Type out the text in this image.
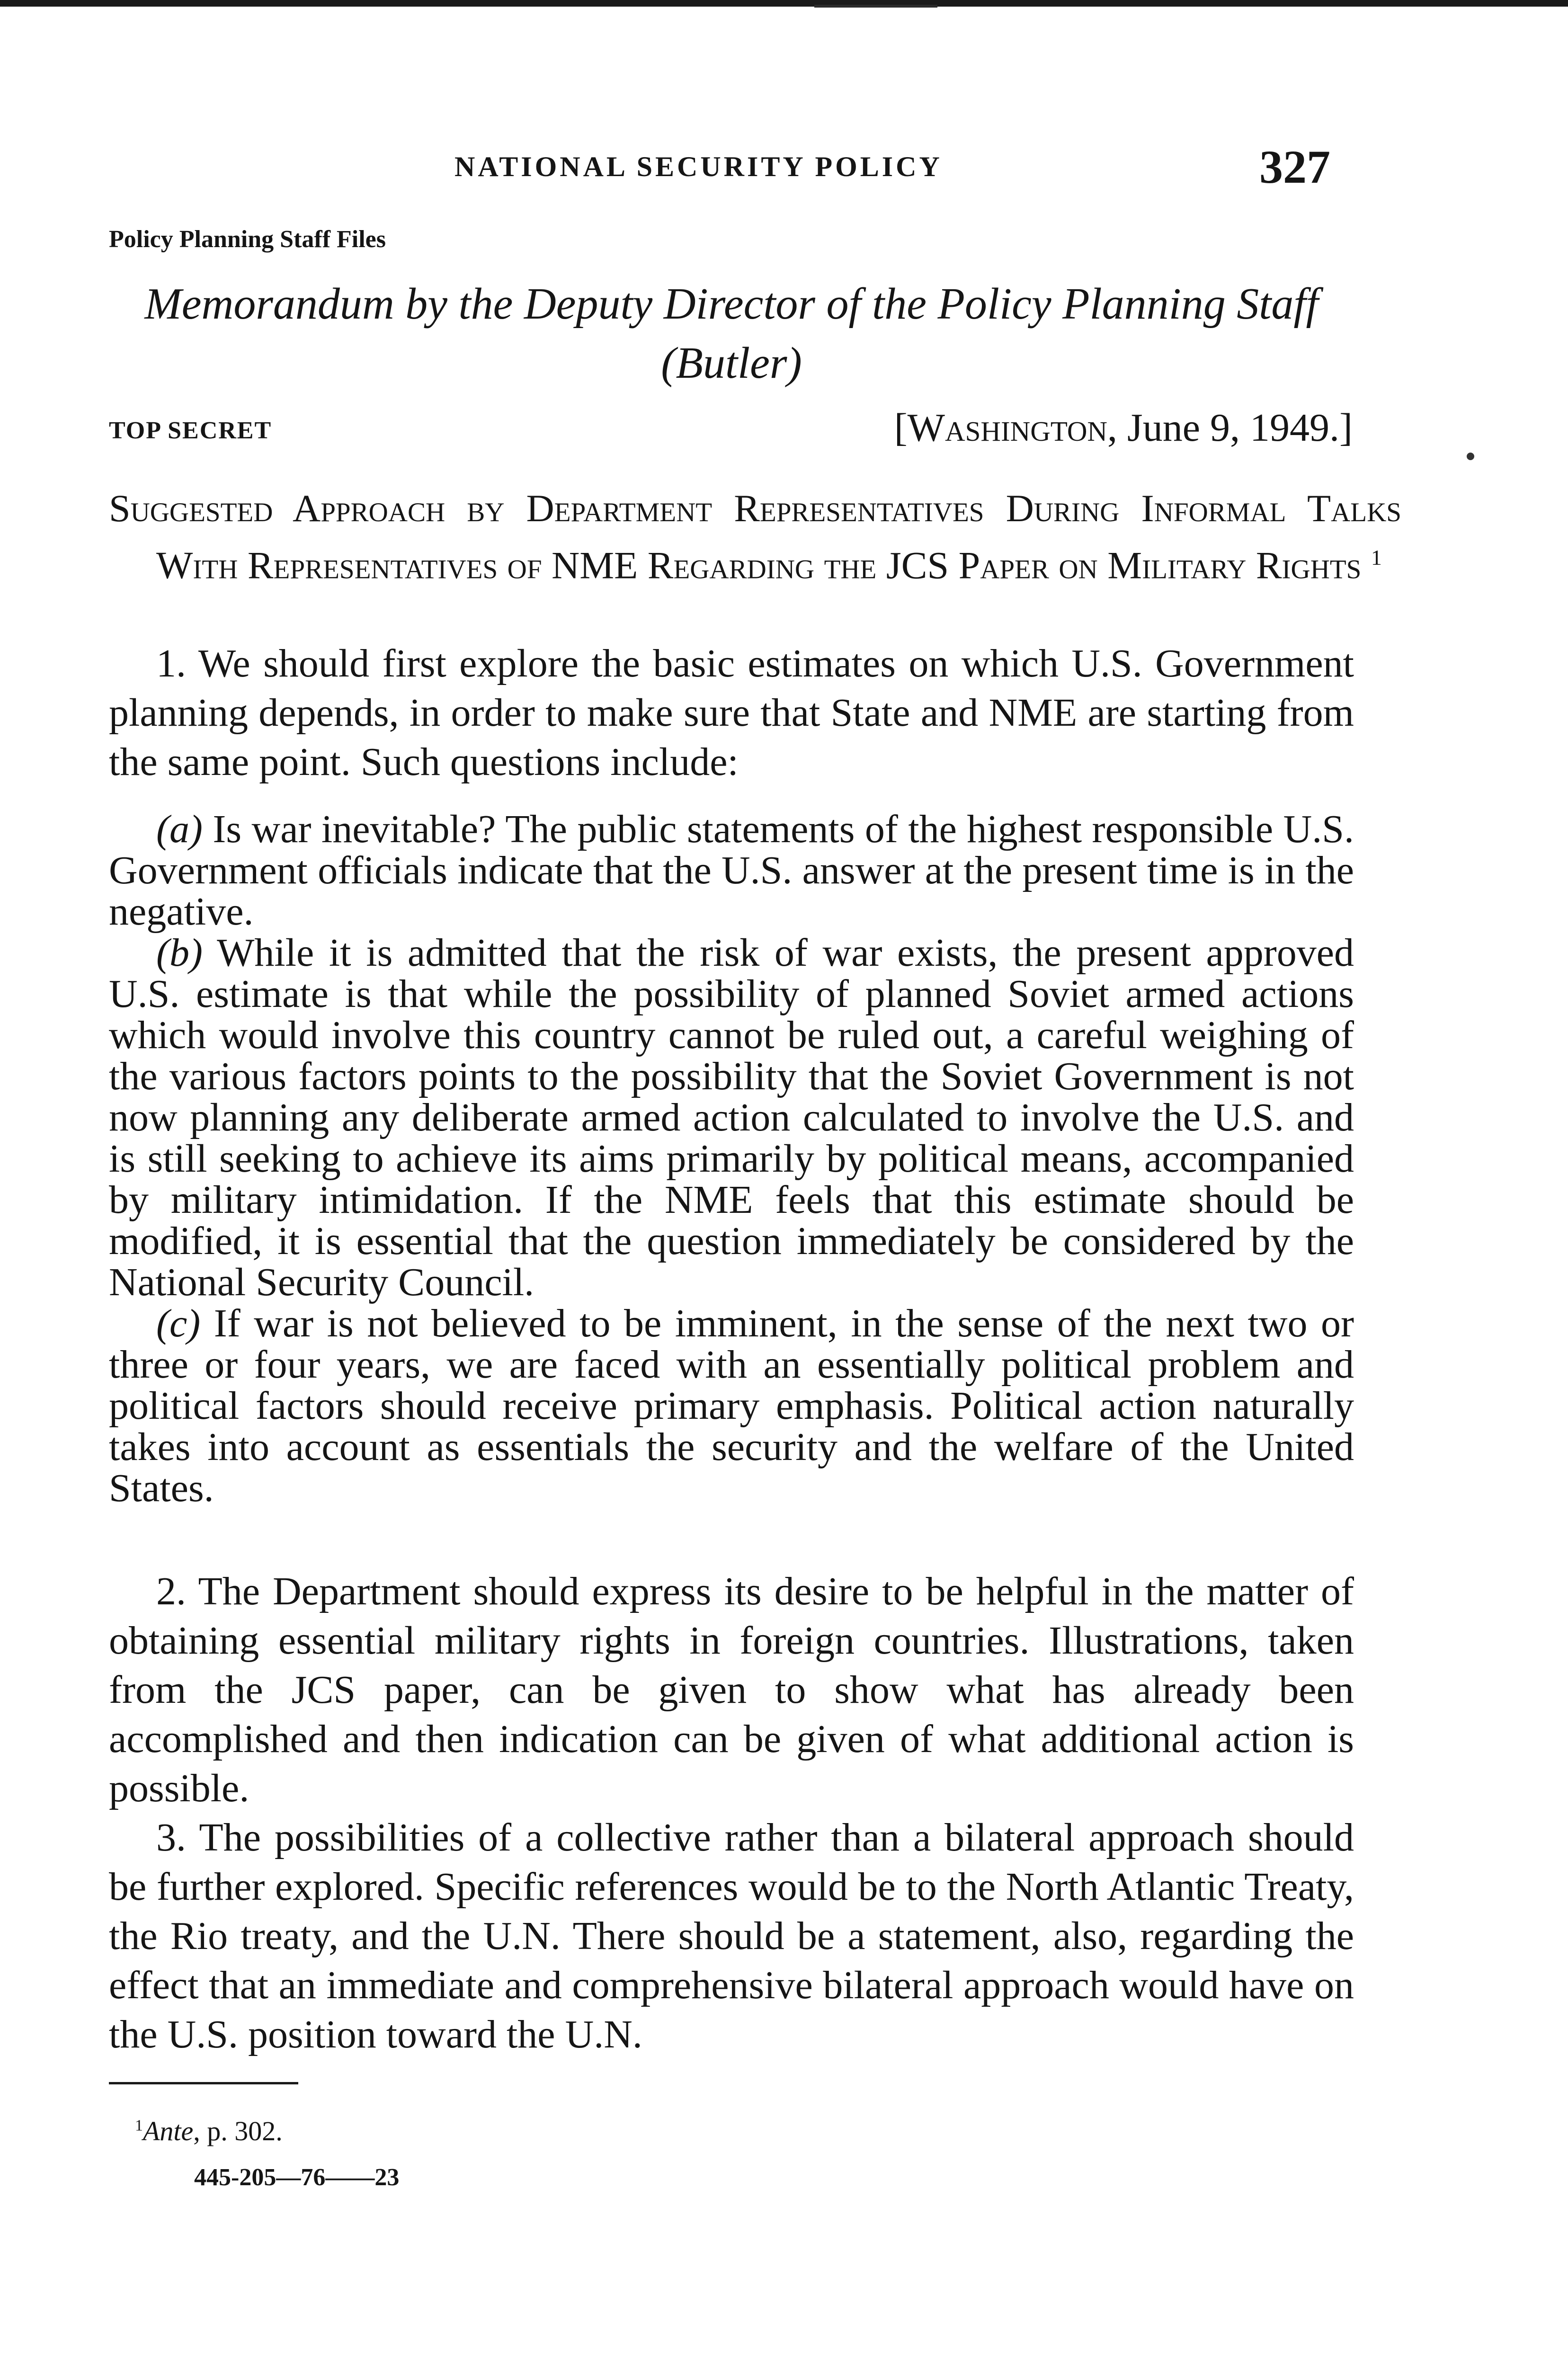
NATIONAL SECURITY POLICY	327
Policy Planning Staff Files
Memorandum by the Deputy Director of the Policy Planning Staff
(Butler)
TOP SECRET	[Washington, June 9, 1949.]
Suggested Approach by Department Representatives During Informal Talks With Representatives of NME Regarding the JCS Paper on Military Rights $^1$
1. We should first explore the basic estimates on which U.S. Government planning depends, in order to make sure that State and NME are starting from the same point. Such questions include:

(a) Is war inevitable? The public statements of the highest responsible U.S. Government officials indicate that the U.S. answer at the present time is in the negative.

(b) While it is admitted that the risk of war exists, the present approved U.S. estimate is that while the possibility of planned Soviet armed actions which would involve this country cannot be ruled out, a careful weighing of the various factors points to the possibility that the Soviet Government is not now planning any deliberate armed action calculated to involve the U.S. and is still seeking to achieve its aims primarily by political means, accompanied by military intimidation. If the NME feels that this estimate should be modified, it is essential that the question immediately be considered by the National Security Council.

(c) If war is not believed to be imminent, in the sense of the next two or three or four years, we are faced with an essentially political problem and political factors should receive primary emphasis. Political action naturally takes into account as essentials the security and the welfare of the United States.

2. The Department should express its desire to be helpful in the matter of obtaining essential military rights in foreign countries. Illustrations, taken from the JCS paper, can be given to show what has already been accomplished and then indication can be given of what additional action is possible.
3. The possibilities of a collective rather than a bilateral approach should be further explored. Specific references would be to the North Atlantic Treaty, the Rio treaty, and the U.N. There should be a statement, also, regarding the effect that an immediate and comprehensive bilateral approach would have on the U.S. position toward the U.N.
$^1$Ante, p. 302.
445-205—76——23
